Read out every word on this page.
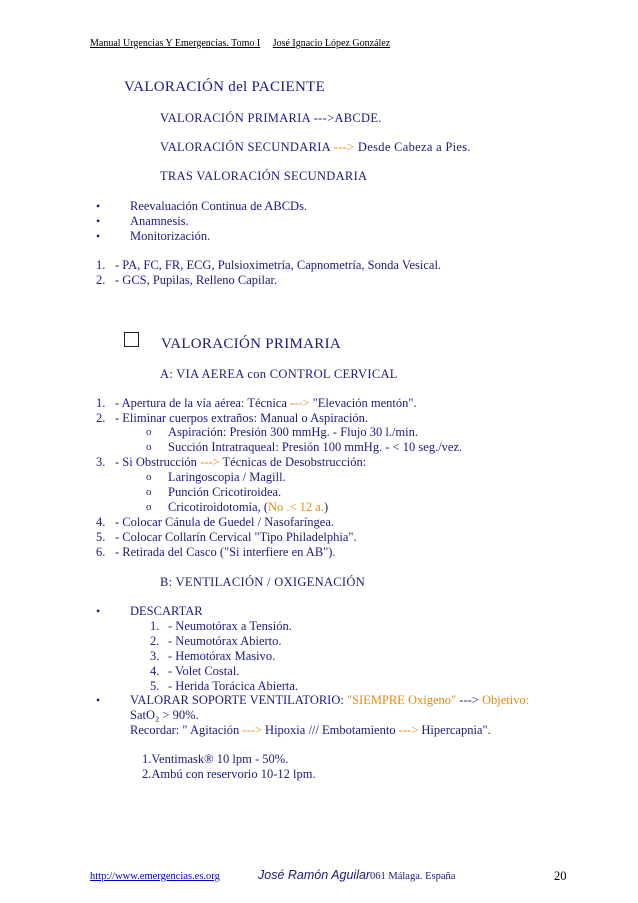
Manual Urgencias Y Emergencias. Tomo I José Ignacio López González
VALORACIÓN del PACIENTE
VALORACIÓN PRIMARIA --->ABCDE.
VALORACIÓN SECUNDARIA ---> Desde Cabeza a Pies.
TRAS VALORACIÓN SECUNDARIA
• Reevaluación Continua de ABCDs.
• Anamnesis.
• Monitorización.
1. - PA, FC, FR, ECG, Pulsioximetría, Capnometría, Sonda Vesical.
2. - GCS, Pupilas, Relleno Capilar.
VALORACIÓN PRIMARIA
A: VIA AEREA con CONTROL CERVICAL
1. - Apertura de la vía aérea: Técnica ---> "Elevación mentón".
2. - Eliminar cuerpos extraños: Manual o Aspiración.
o Aspiración: Presión 300 mmHg. - Flujo 30 l./min.
o Succión Intratraqueal: Presión 100 mmHg. - < 10 seg./vez.
3. - Si Obstrucción ---> Técnicas de Desobstrucción:
o Laringoscopia / Magill.
o Punción Cricotiroidea.
o Cricotiroidotomía, (No .< 12 a.)
4. - Colocar Cánula de Guedel / Nasofaríngea.
5. - Colocar Collarín Cervical "Tipo Philadelphia".
6. - Retirada del Casco ("Si interfiere en AB").
B: VENTILACIÓN / OXIGENACIÓN
• DESCARTAR
1. - Neumotórax a Tensión.
2. - Neumotórax Abierto.
3. - Hemotórax Masivo.
4. - Volet Costal.
5. - Herida Torácica Abierta.
• VALORAR SOPORTE VENTILATORIO: "SIEMPRE Oxígeno" ---> Objetivo:
SatO₂ > 90%.
Recordar: " Agitación ---> Hipoxia /// Embotamiento ---> Hipercapnia".
1.Ventimask® 10 lpm - 50%.
2.Ambú con reservorio 10-12 lpm.
http://www.emergencias.es.org	José Ramón Aguilar 061 Málaga. España	20
